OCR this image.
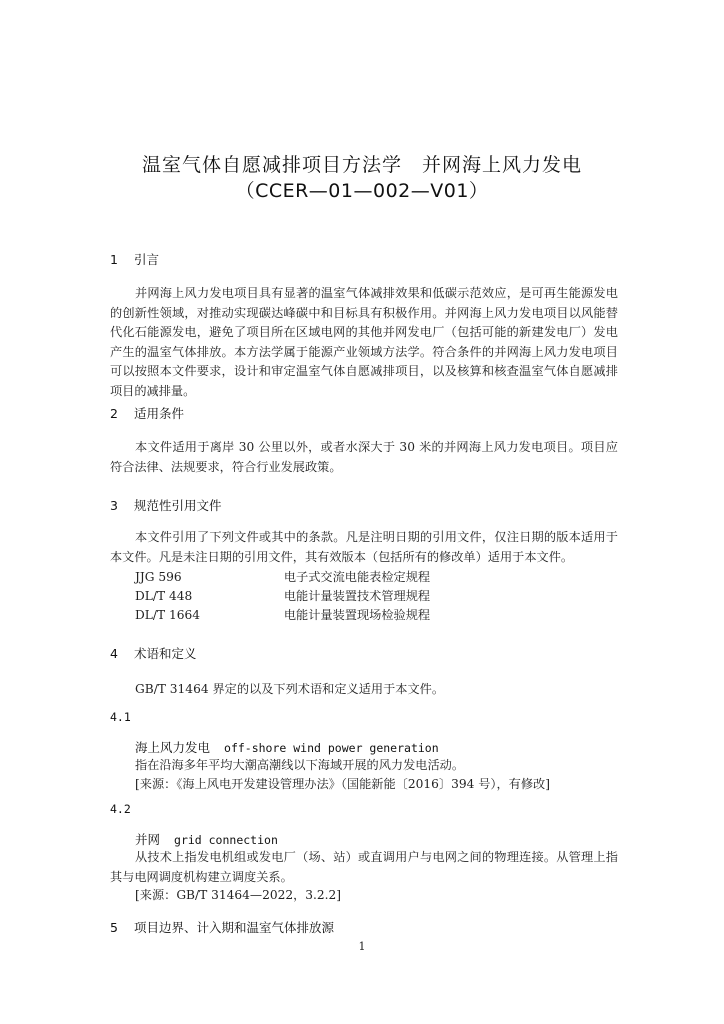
温室气体自愿减排项目方法学　并网海上风力发电
（CCER—01—002—V01）
1 引言
并网海上风力发电项目具有显著的温室气体减排效果和低碳示范效应，是可再生能源发电的创新性领域，对推动实现碳达峰碳中和目标具有积极作用。并网海上风力发电项目以风能替代化石能源发电，避免了项目所在区域电网的其他并网发电厂（包括可能的新建发电厂）发电产生的温室气体排放。本方法学属于能源产业领域方法学。符合条件的并网海上风力发电项目可以按照本文件要求，设计和审定温室气体自愿减排项目，以及核算和核查温室气体自愿减排项目的减排量。
2 适用条件
本文件适用于离岸 30 公里以外，或者水深大于 30 米的并网海上风力发电项目。项目应符合法律、法规要求，符合行业发展政策。
3 规范性引用文件
本文件引用了下列文件或其中的条款。凡是注明日期的引用文件，仅注日期的版本适用于本文件。凡是未注日期的引用文件，其有效版本（包括所有的修改单）适用于本文件。
JJG 596	电子式交流电能表检定规程
DL/T 448	电能计量装置技术管理规程
DL/T 1664	电能计量装置现场检验规程
4 术语和定义
GB/T 31464 界定的以及下列术语和定义适用于本文件。
4.1
海上风力发电 off-shore wind power generation
指在沿海多年平均大潮高潮线以下海域开展的风力发电活动。
[来源：《海上风电开发建设管理办法》（国能新能〔2016〕394 号），有修改]
4.2
并网 grid connection
从技术上指发电机组或发电厂（场、站）或直调用户与电网之间的物理连接。从管理上指其与电网调度机构建立调度关系。
[来源：GB/T 31464—2022，3.2.2]
5 项目边界、计入期和温室气体排放源
1
